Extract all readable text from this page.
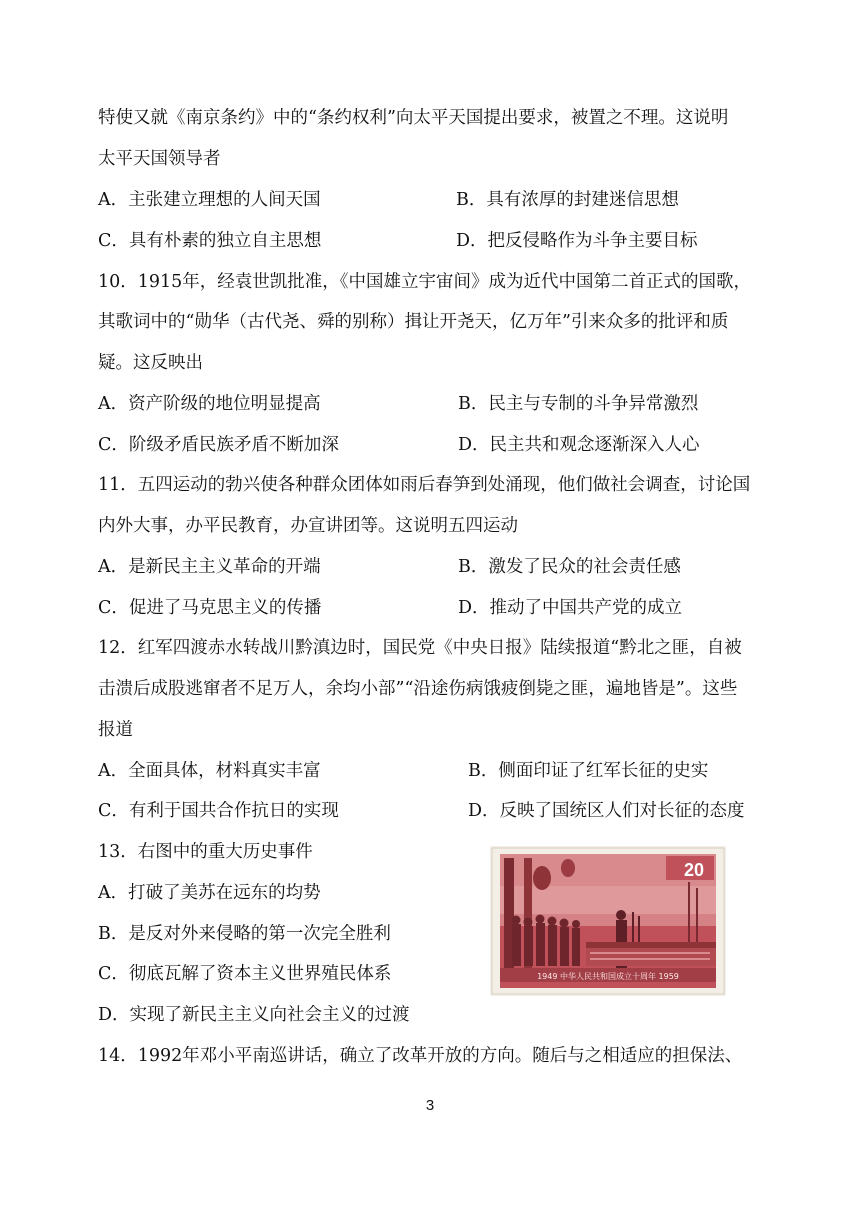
特使又就《南京条约》中的“条约权利”向太平天国提出要求，被置之不理。这说明
太平天国领导者
A．主张建立理想的人间天国	B．具有浓厚的封建迷信思想
C．具有朴素的独立自主思想	D．把反侵略作为斗争主要目标
10．1915年，经袁世凯批准，《中国雄立宇宙间》成为近代中国第二首正式的国歌，
其歌词中的“勋华（古代尧、舜的别称）揖让开尧天，亿万年”引来众多的批评和质
疑。这反映出
A．资产阶级的地位明显提高	B．民主与专制的斗争异常激烈
C．阶级矛盾民族矛盾不断加深	D．民主共和观念逐渐深入人心
11．五四运动的勃兴使各种群众团体如雨后春笋到处涌现，他们做社会调查，讨论国
内外大事，办平民教育，办宣讲团等。这说明五四运动
A．是新民主主义革命的开端	B．激发了民众的社会责任感
C．促进了马克思主义的传播	D．推动了中国共产党的成立
12．红军四渡赤水转战川黔滇边时，国民党《中央日报》陆续报道“黔北之匪，自被
击溃后成股逃窜者不足万人，余均小部”“沿途伤病饿疲倒毙之匪，遍地皆是”。这些
报道
A．全面具体，材料真实丰富	B．侧面印证了红军长征的史实
C．有利于国共合作抗日的实现	D．反映了国统区人们对长征的态度
13．右图中的重大历史事件
A．打破了美苏在远东的均势
B．是反对外来侵略的第一次完全胜利
C．彻底瓦解了资本主义世界殖民体系
D．实现了新民主主义向社会主义的过渡
20
1949 中华人民共和国成立十周年 1959
14．1992年邓小平南巡讲话，确立了改革开放的方向。随后与之相适应的担保法、
3
